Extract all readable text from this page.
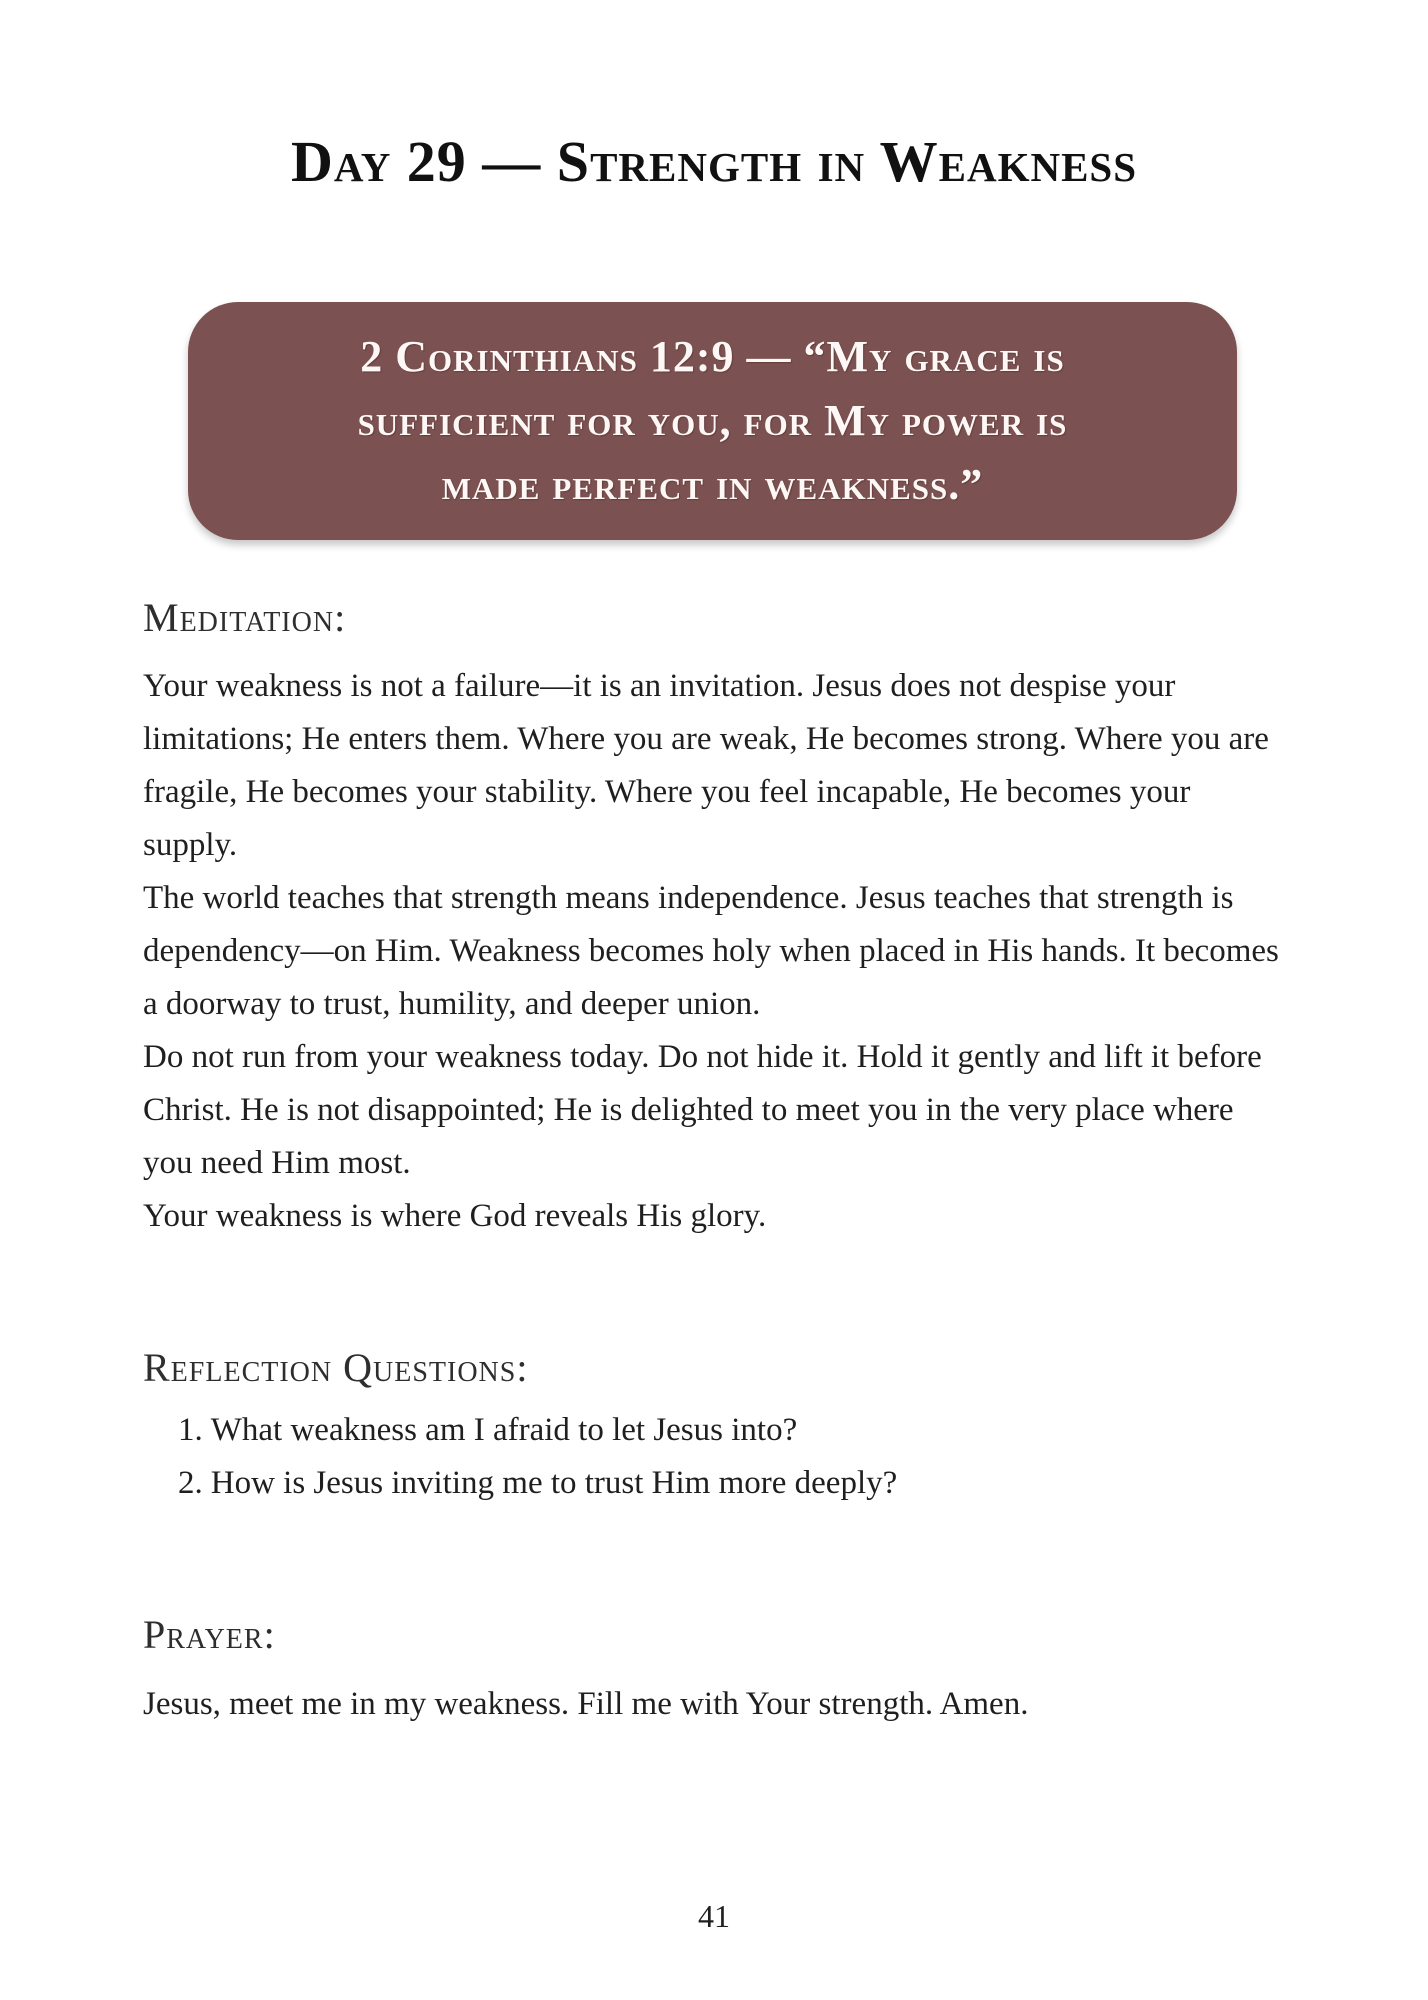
Day 29 — Strength in Weakness
2 Corinthians 12:9 — “My grace is
sufficient for you, for My power is
made perfect in weakness.”
Meditation:

Your weakness is not a failure—it is an invitation. Jesus does not despise your limitations; He enters them. Where you are weak, He becomes strong. Where you are fragile, He becomes your stability. Where you feel incapable, He becomes your supply.

The world teaches that strength means independence. Jesus teaches that strength is dependency—on Him. Weakness becomes holy when placed in His hands. It becomes a doorway to trust, humility, and deeper union.

Do not run from your weakness today. Do not hide it. Hold it gently and lift it before Christ. He is not disappointed; He is delighted to meet you in the very place where you need Him most.

Your weakness is where God reveals His glory.

Reflection Questions:
1. What weakness am I afraid to let Jesus into?
2. How is Jesus inviting me to trust Him more deeply?
Prayer:

Jesus, meet me in my weakness. Fill me with Your strength. Amen.

41
